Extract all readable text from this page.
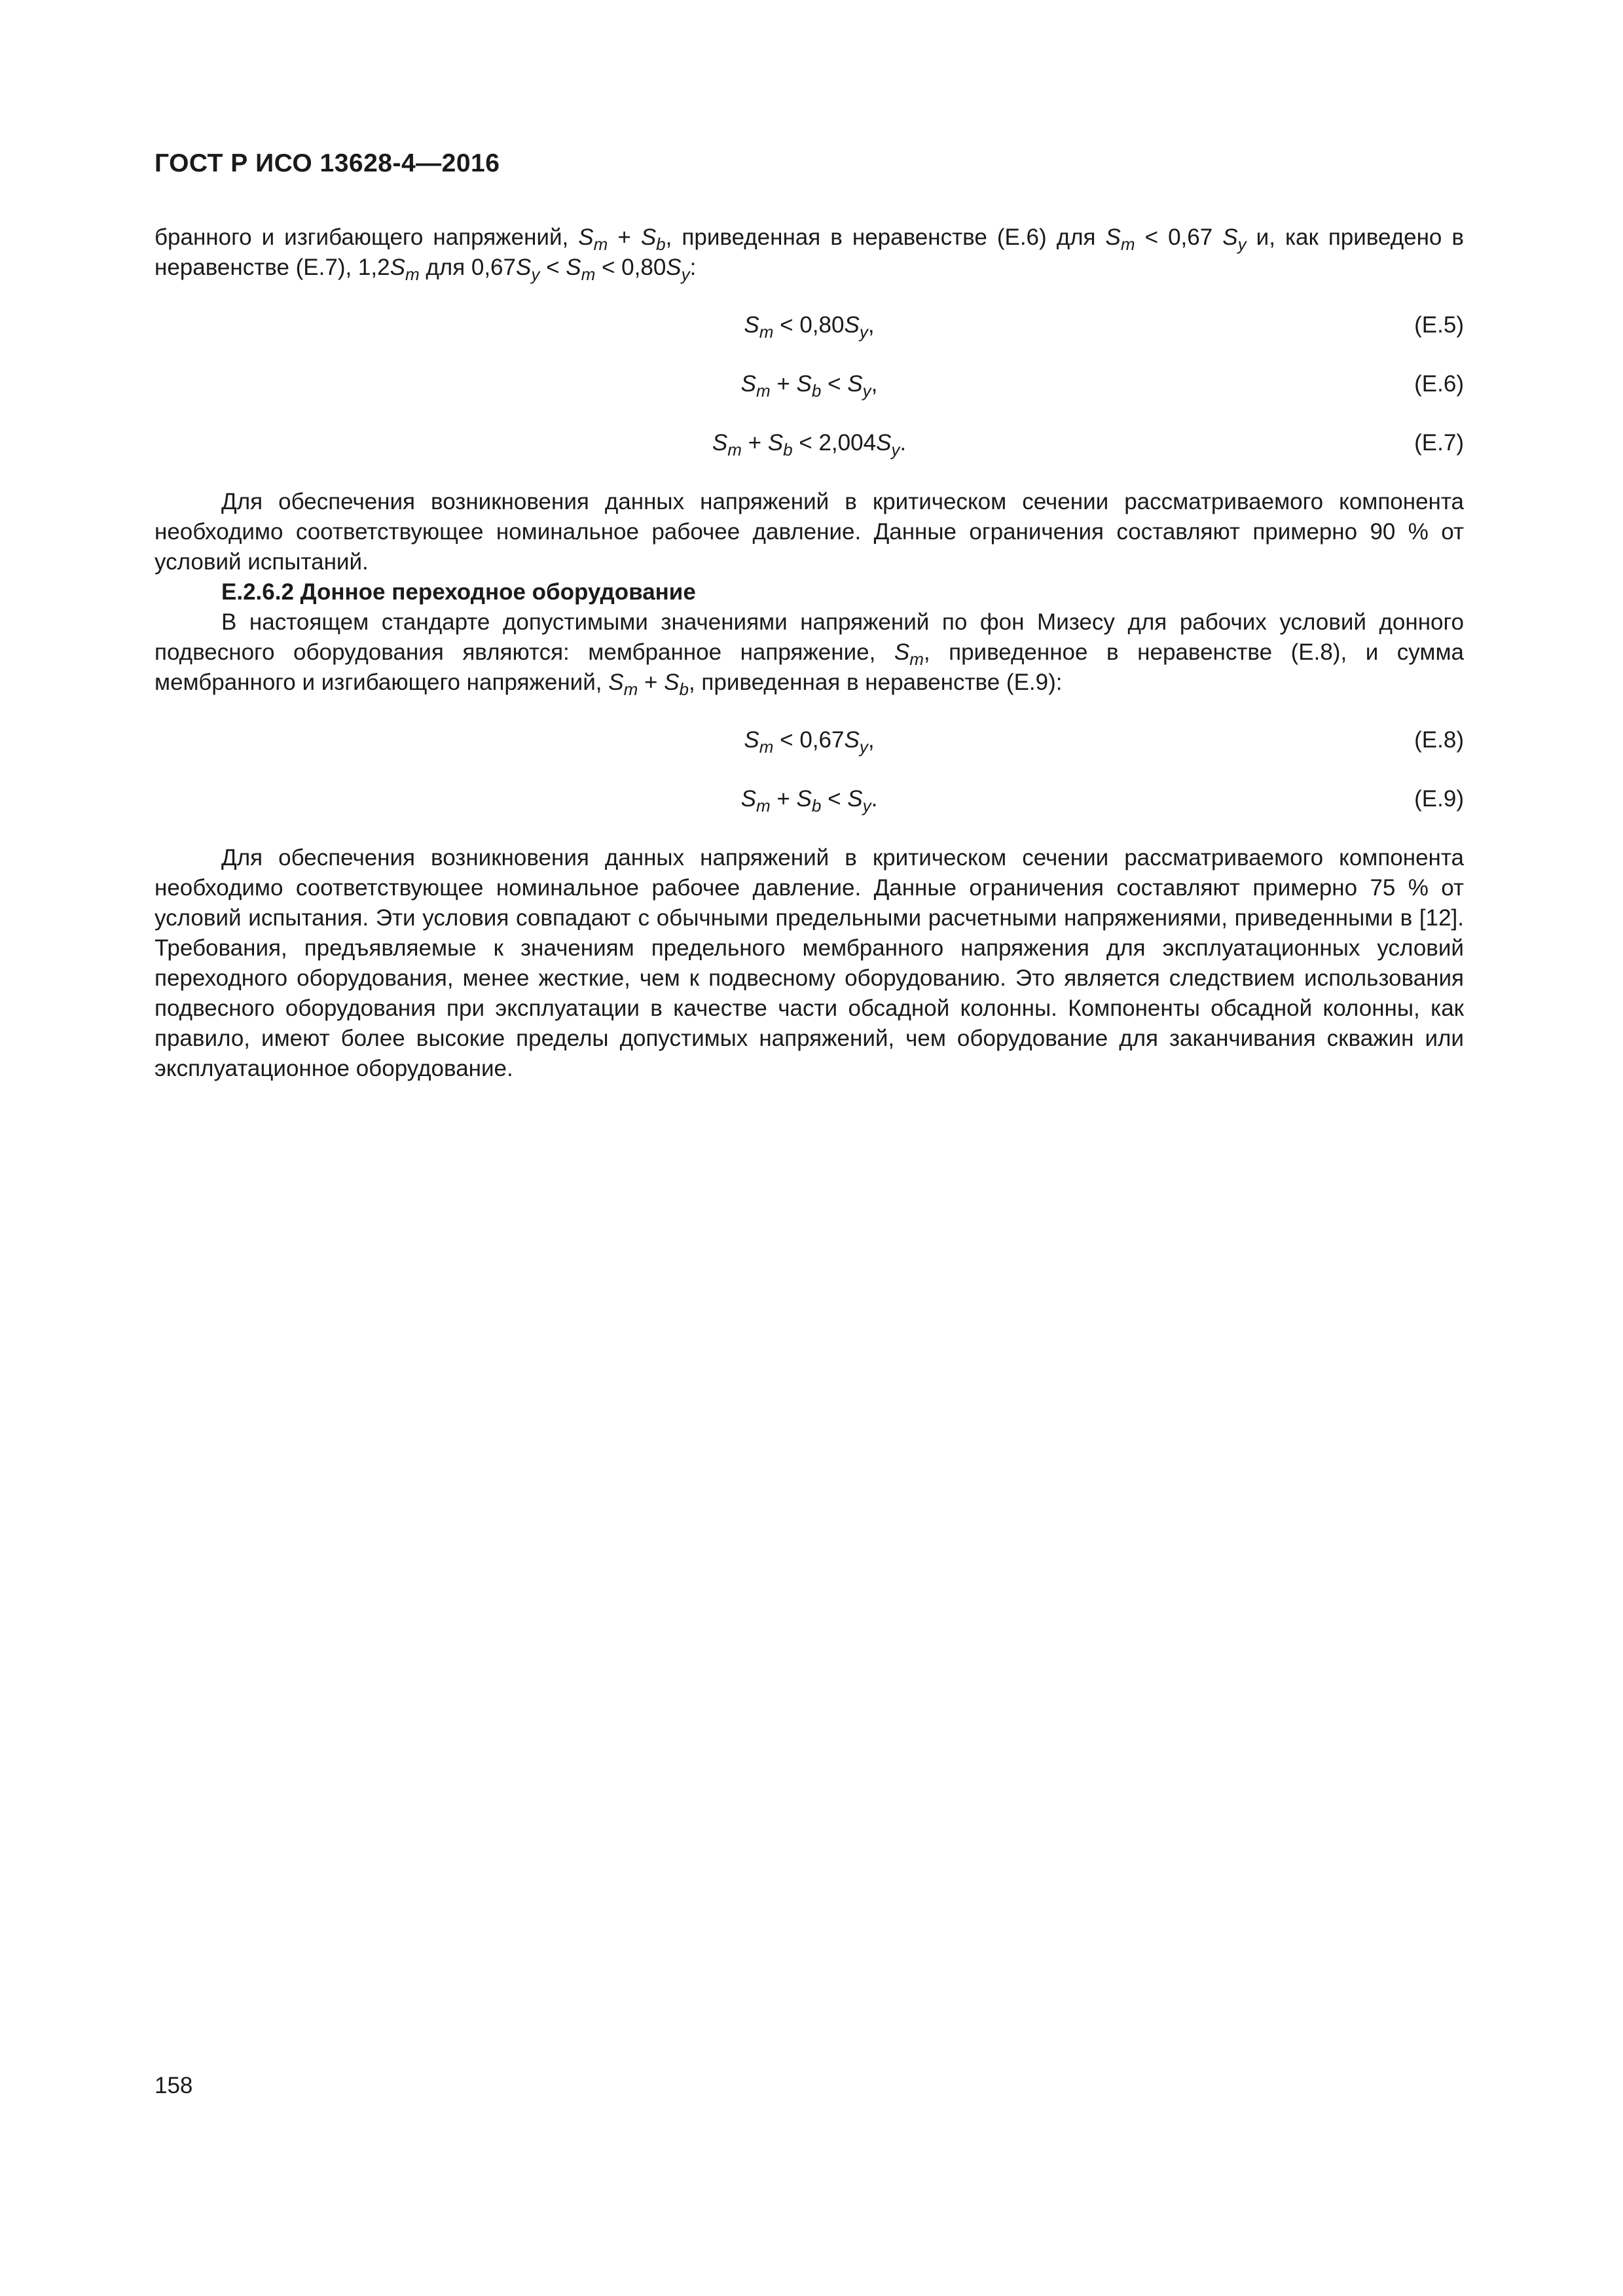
ГОСТ Р ИСО 13628-4—2016

бранного и изгибающего напряжений, $S_m + S_b$, приведенная в неравенстве (E.6) для $S_m < 0,67$ $S_y$ и, как приведено в неравенстве (E.7), $1,2S_m$ для $0,67S_y < S_m < 0,80S_y$:

$S_m < 0,80S_y$,	(E.5)
$S_m + S_b < S_y$,	(E.6)
$S_m + S_b < 2,004S_y$.	(E.7)

Для обеспечения возникновения данных напряжений в критическом сечении рассматриваемого компонента необходимо соответствующее номинальное рабочее давление. Данные ограничения составляют примерно 90 % от условий испытаний.

E.2.6.2 Донное переходное оборудование

В настоящем стандарте допустимыми значениями напряжений по фон Мизесу для рабочих условий донного подвесного оборудования являются: мембранное напряжение, $S_m$, приведенное в неравенстве (E.8), и сумма мембранного и изгибающего напряжений, $S_m + S_b$, приведенная в неравенстве (E.9):

$S_m < 0,67S_y$,	(E.8)
$S_m + S_b < S_y$.	(E.9)

Для обеспечения возникновения данных напряжений в критическом сечении рассматриваемого компонента необходимо соответствующее номинальное рабочее давление. Данные ограничения составляют примерно 75 % от условий испытания. Эти условия совпадают с обычными предельными расчетными напряжениями, приведенными в [12]. Требования, предъявляемые к значениям предельного мембранного напряжения для эксплуатационных условий переходного оборудования, менее жесткие, чем к подвесному оборудованию. Это является следствием использования подвесного оборудования при эксплуатации в качестве части обсадной колонны. Компоненты обсадной колонны, как правило, имеют более высокие пределы допустимых напряжений, чем оборудование для заканчивания скважин или эксплуатационное оборудование.

158
